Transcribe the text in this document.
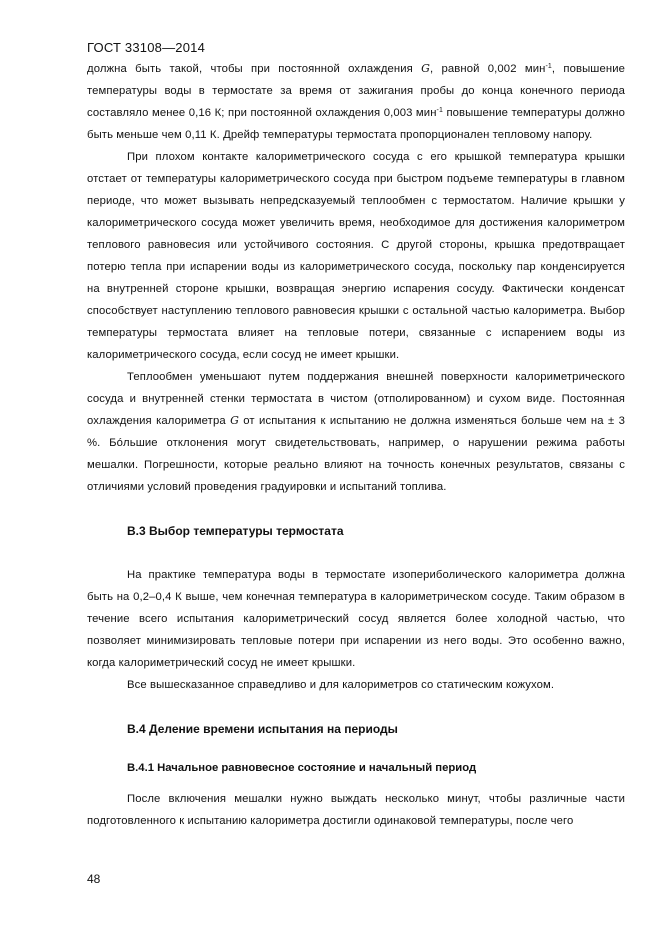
ГОСТ 33108—2014

должна быть такой, чтобы при постоянной охлаждения G, равной 0,002 мин$^{-1}$, повышение температуры воды в термостате за время от зажигания пробы до конца конечного периода составляло менее 0,16 К; при постоянной охлаждения 0,003 мин$^{-1}$ повышение температуры должно быть меньше чем 0,11 К. Дрейф температуры термостата пропорционален тепловому напору.

При плохом контакте калориметрического сосуда с его крышкой температура крышки отстает от температуры калориметрического сосуда при быстром подъеме температуры в главном периоде, что может вызывать непредсказуемый теплообмен с термостатом. Наличие крышки у калориметрического сосуда может увеличить время, необходимое для достижения калориметром теплового равновесия или устойчивого состояния. С другой стороны, крышка предотвращает потерю тепла при испарении воды из калориметрического сосуда, поскольку пар конденсируется на внутренней стороне крышки, возвращая энергию испарения сосуду. Фактически конденсат способствует наступлению теплового равновесия крышки с остальной частью калориметра. Выбор температуры термостата влияет на тепловые потери, связанные с испарением воды из калориметрического сосуда, если сосуд не имеет крышки.

Теплообмен уменьшают путем поддержания внешней поверхности калориметрического сосуда и внутренней стенки термостата в чистом (отполированном) и сухом виде. Постоянная охлаждения калориметра G от испытания к испытанию не должна изменяться больше чем на ± 3 %. Бóльшие отклонения могут свидетельствовать, например, о нарушении режима работы мешалки. Погрешности, которые реально влияют на точность конечных результатов, связаны с отличиями условий проведения градуировки и испытаний топлива.

В.3 Выбор температуры термостата

На практике температура воды в термостате изопериболического калориметра должна быть на 0,2–0,4 К выше, чем конечная температура в калориметрическом сосуде. Таким образом в течение всего испытания калориметрический сосуд является более холодной частью, что позволяет минимизировать тепловые потери при испарении из него воды. Это особенно важно, когда калориметрический сосуд не имеет крышки.

Все вышесказанное справедливо и для калориметров со статическим кожухом.

В.4 Деление времени испытания на периоды

В.4.1 Начальное равновесное состояние и начальный период

После включения мешалки нужно выждать несколько минут, чтобы различные части подготовленного к испытанию калориметра достигли одинаковой температуры, после чего

48
